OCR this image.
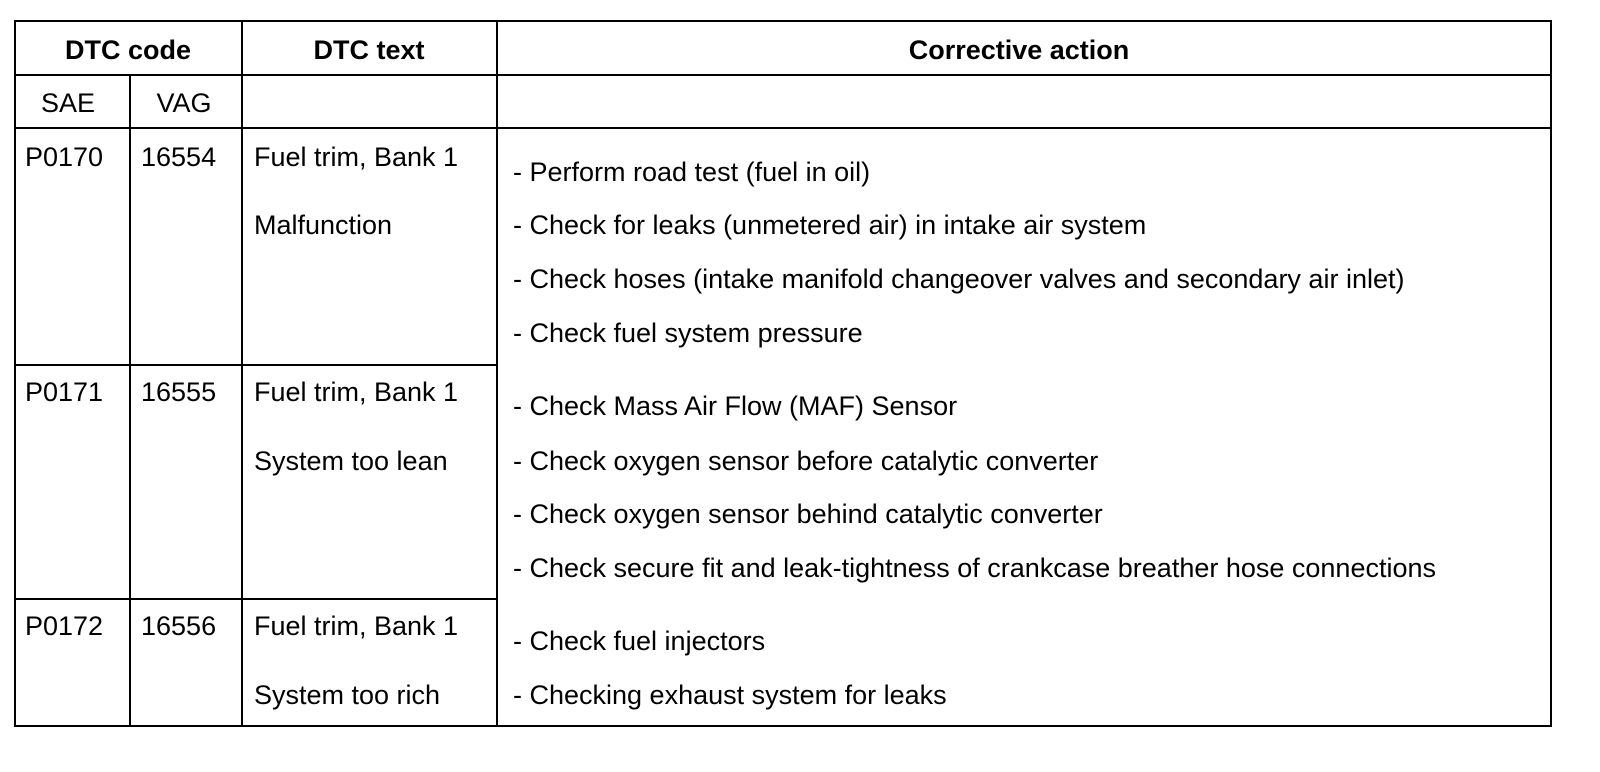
DTC code	DTC text	Corrective action
SAE VAG
P0170 16554 Fuel trim, Bank 1
Malfunction
P0171 16555 Fuel trim, Bank 1
System too lean
P0172 16556 Fuel trim, Bank 1
System too rich
- Perform road test (fuel in oil)
- Check for leaks (unmetered air) in intake air system
- Check hoses (intake manifold changeover valves and secondary air inlet)
- Check fuel system pressure
- Check Mass Air Flow (MAF) Sensor
- Check oxygen sensor before catalytic converter
- Check oxygen sensor behind catalytic converter
- Check secure fit and leak-tightness of crankcase breather hose connections
- Check fuel injectors
- Checking exhaust system for leaks
